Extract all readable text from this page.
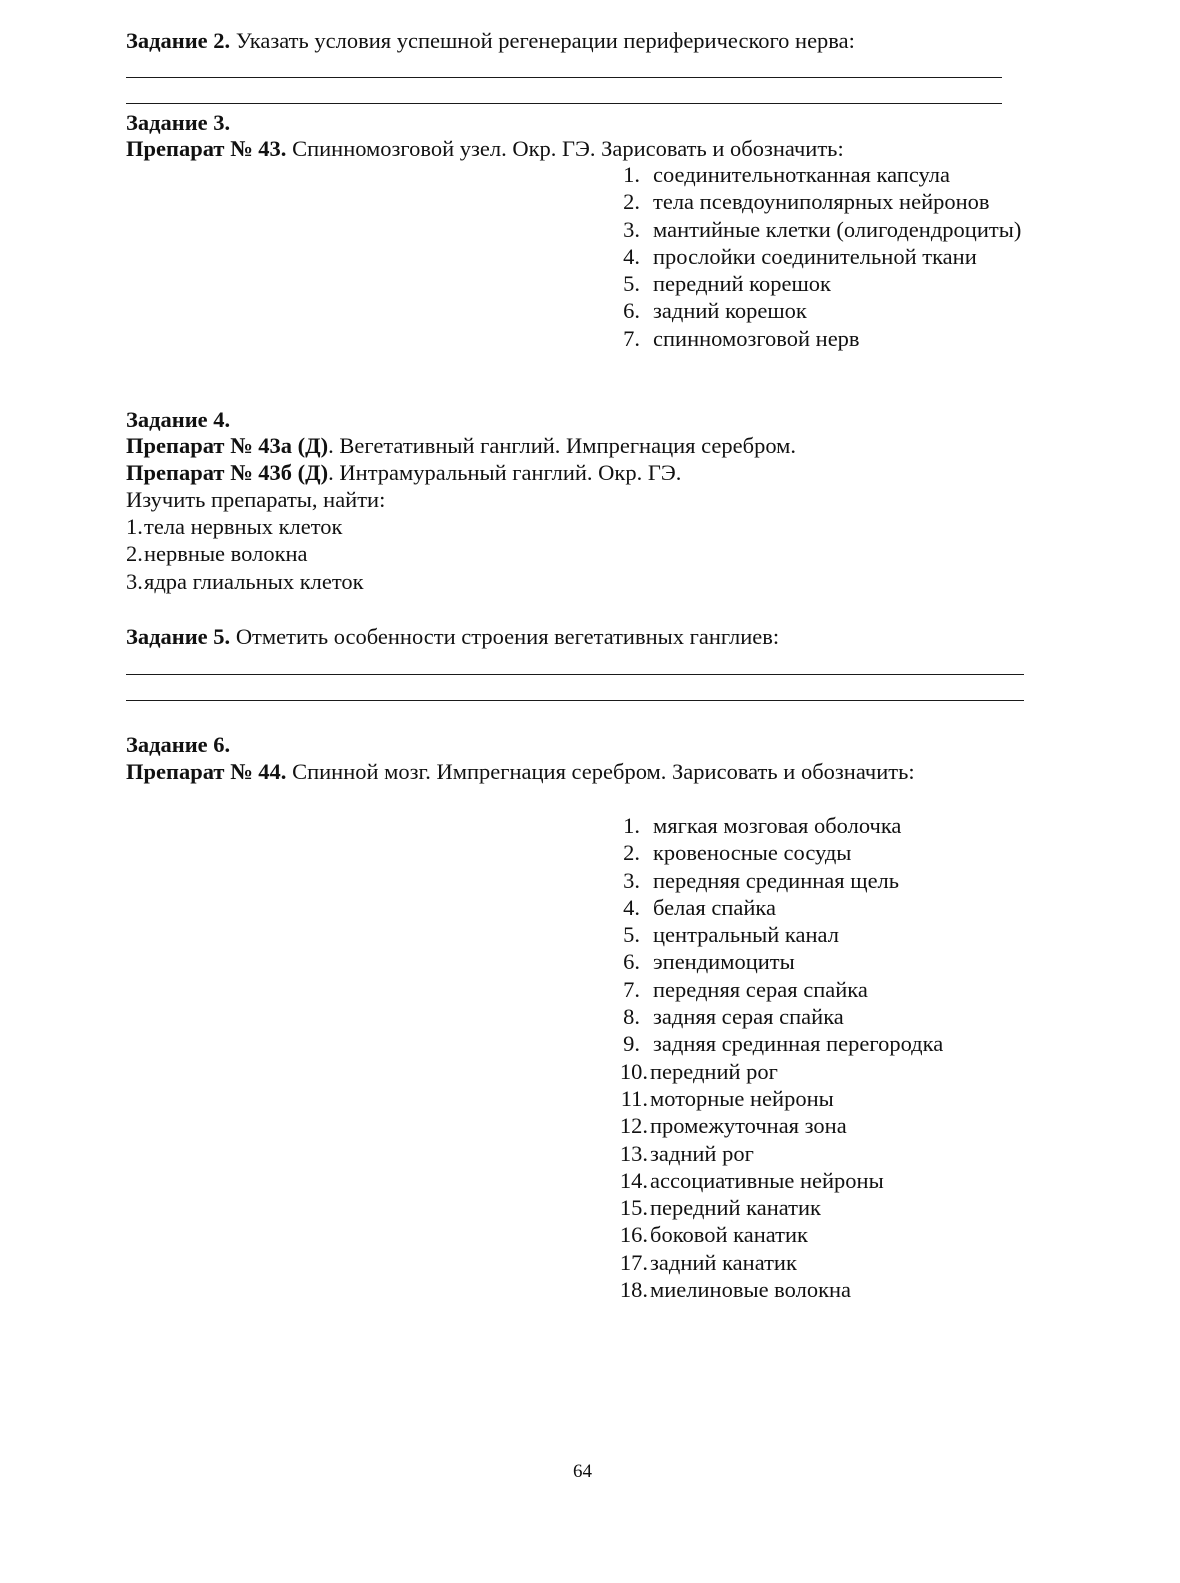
Задание 2. Указать условия успешной регенерации периферического нерва:
Задание 3.
Препарат № 43. Спинномозговой узел. Окр. ГЭ. Зарисовать и обозначить:
1. соединительнотканная капсула
2. тела псевдоуниполярных нейронов
3. мантийные клетки (олигодендроциты)
4. прослойки соединительной ткани
5. передний корешок
6. задний корешок
7. спинномозговой нерв
Задание 4.
Препарат № 43а (Д). Вегетативный ганглий. Импрегнация серебром.
Препарат № 43б (Д). Интрамуральный ганглий. Окр. ГЭ.
Изучить препараты, найти:
1.тела нервных клеток
2.нервные волокна
3.ядра глиальных клеток
Задание 5. Отметить особенности строения вегетативных ганглиев:
Задание 6.
Препарат № 44. Спинной мозг. Импрегнация серебром. Зарисовать и обозначить:
1. мягкая мозговая оболочка
2. кровеносные сосуды
3. передняя срединная щель
4. белая спайка
5. центральный канал
6. эпендимоциты
7. передняя серая спайка
8. задняя серая спайка
9. задняя срединная перегородка
10.передний рог
11.моторные нейроны
12.промежуточная зона
13.задний рог
14.ассоциативные нейроны
15.передний канатик
16.боковой канатик
17.задний канатик
18.миелиновые волокна
64
